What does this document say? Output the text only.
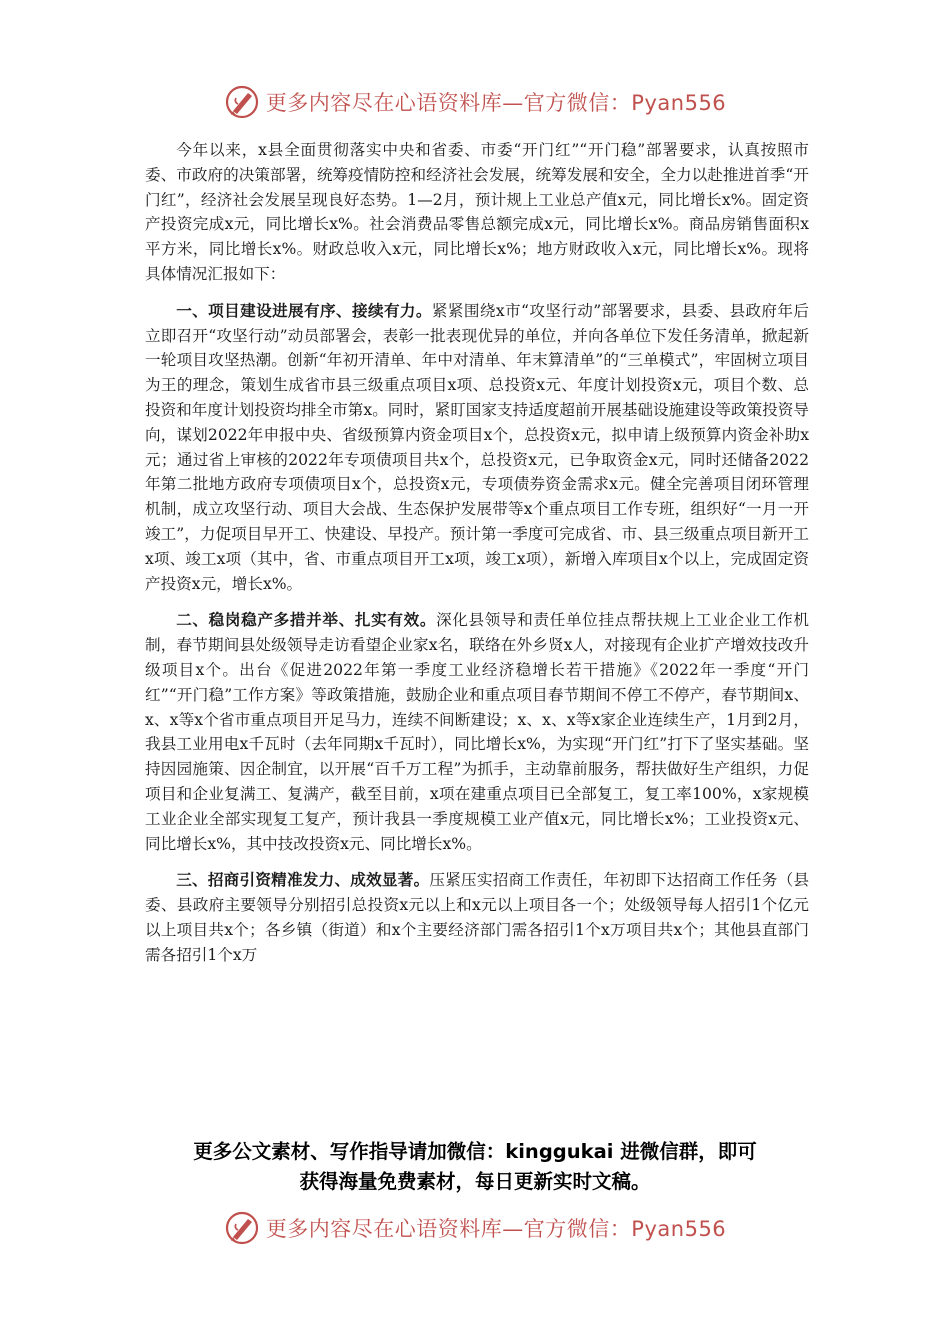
更多内容尽在心语资料库—官方微信：Pyan556

今年以来，x县全面贯彻落实中央和省委、市委“开门红”“开门稳”部署要求，认真按照市委、市政府的决策部署，统筹疫情防控和经济社会发展，统筹发展和安全，全力以赴推进首季“开门红”，经济社会发展呈现良好态势。1—2月，预计规上工业总产值x元，同比增长x%。固定资产投资完成x元，同比增长x%。社会消费品零售总额完成x元，同比增长x%。商品房销售面积x平方米，同比增长x%。财政总收入x元，同比增长x%；地方财政收入x元，同比增长x%。现将具体情况汇报如下：

一、项目建设进展有序、接续有力。紧紧围绕x市“攻坚行动”部署要求，县委、县政府年后立即召开“攻坚行动”动员部署会，表彰一批表现优异的单位，并向各单位下发任务清单，掀起新一轮项目攻坚热潮。创新“年初开清单、年中对清单、年末算清单”的“三单模式”，牢固树立项目为王的理念，策划生成省市县三级重点项目x项、总投资x元、年度计划投资x元，项目个数、总投资和年度计划投资均排全市第x。同时，紧盯国家支持适度超前开展基础设施建设等政策投资导向，谋划2022年申报中央、省级预算内资金项目x个，总投资x元，拟申请上级预算内资金补助x元；通过省上审核的2022年专项债项目共x个，总投资x元，已争取资金x元，同时还储备2022年第二批地方政府专项债项目x个，总投资x元，专项债券资金需求x元。健全完善项目闭环管理机制，成立攻坚行动、项目大会战、生态保护发展带等x个重点项目工作专班，组织好“一月一开竣工”，力促项目早开工、快建设、早投产。预计第一季度可完成省、市、县三级重点项目新开工x项、竣工x项（其中，省、市重点项目开工x项，竣工x项），新增入库项目x个以上，完成固定资产投资x元，增长x%。

二、稳岗稳产多措并举、扎实有效。深化县领导和责任单位挂点帮扶规上工业企业工作机制，春节期间县处级领导走访看望企业家x名，联络在外乡贤x人，对接现有企业扩产增效技改升级项目x个。出台《促进2022年第一季度工业经济稳增长若干措施》《2022年一季度“开门红”“开门稳”工作方案》等政策措施，鼓励企业和重点项目春节期间不停工不停产，春节期间x、x、x等x个省市重点项目开足马力，连续不间断建设；x、x、x等x家企业连续生产，1月到2月，我县工业用电x千瓦时（去年同期x千瓦时），同比增长x%，为实现“开门红”打下了坚实基础。坚持因园施策、因企制宜，以开展“百千万工程”为抓手，主动靠前服务，帮扶做好生产组织，力促项目和企业复满工、复满产，截至目前，x项在建重点项目已全部复工，复工率100%，x家规模工业企业全部实现复工复产，预计我县一季度规模工业产值x元，同比增长x%；工业投资x元、同比增长x%，其中技改投资x元、同比增长x%。

三、招商引资精准发力、成效显著。压紧压实招商工作责任，年初即下达招商工作任务（县委、县政府主要领导分别招引总投资x元以上和x元以上项目各一个；处级领导每人招引1个亿元以上项目共x个；各乡镇（街道）和x个主要经济部门需各招引1个x万项目共x个；其他县直部门需各招引1个x万

更多公文素材、写作指导请加微信：kinggukai 进微信群，即可
获得海量免费素材，每日更新实时文稿。
更多内容尽在心语资料库—官方微信：Pyan556
